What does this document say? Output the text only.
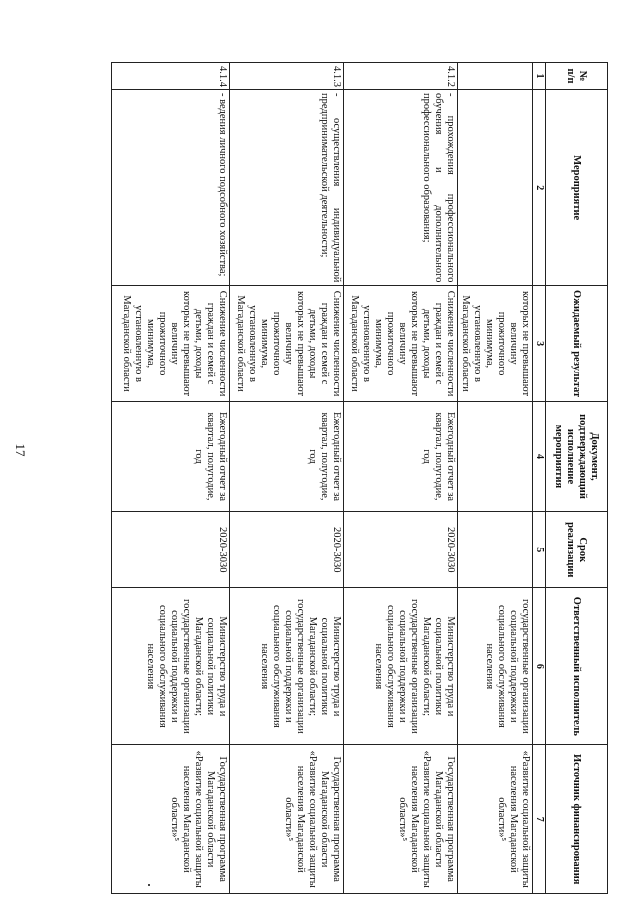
17
№ п/п	Мероприятие	Ожидаемый результат	Документ, подтверждающий исполнение мероприятия	Срок реализации	Ответственный исполнитель	Источник финансирования
1	2	3	4	5	6	7
		которых не превышают величину прожиточного минимума, установленную в Магаданской области			государственные организации социальной поддержки и социального обслуживания населения	«Развитие социальной защиты населения Магаданской области»⁵
4.1.2	- прохождения профессионального обучения и дополнительного профессионального образования;	Снижение численности граждан и семей с детьми, доходы которых не превышают величину прожиточного минимума, установленную в Магаданской области	Ежегодный отчет за квартал, полугодие, год	2020-3030	Министерство труда и социальной политики Магаданской области; государственные организации социальной поддержки и социального обслуживания населения	Государственная программа Магаданской области «Развитие социальной защиты населения Магаданской области»⁵
4.1.3	- осуществления индивидуальной предпринимательской деятельности;	Снижение численности граждан и семей с детьми, доходы которых не превышают величину прожиточного минимума, установленную в Магаданской области	Ежегодный отчет за квартал, полугодие, год	2020-3030	Министерство труда и социальной политики Магаданской области; государственные организации социальной поддержки и социального обслуживания населения	Государственная программа Магаданской области «Развитие социальной защиты населения Магаданской области»⁵
4.1.4	- ведения личного подсобного хозяйства;	Снижение численности граждан и семей с детьми, доходы которых не превышают величину прожиточного минимума, установленную в Магаданской области	Ежегодный отчет за квартал, полугодие, год	2020-3030	Министерство труда и социальной политики Магаданской области; государственные организации социальной поддержки и социального обслуживания населения	Государственная программа Магаданской области «Развитие социальной защиты населения Магаданской области»⁵
